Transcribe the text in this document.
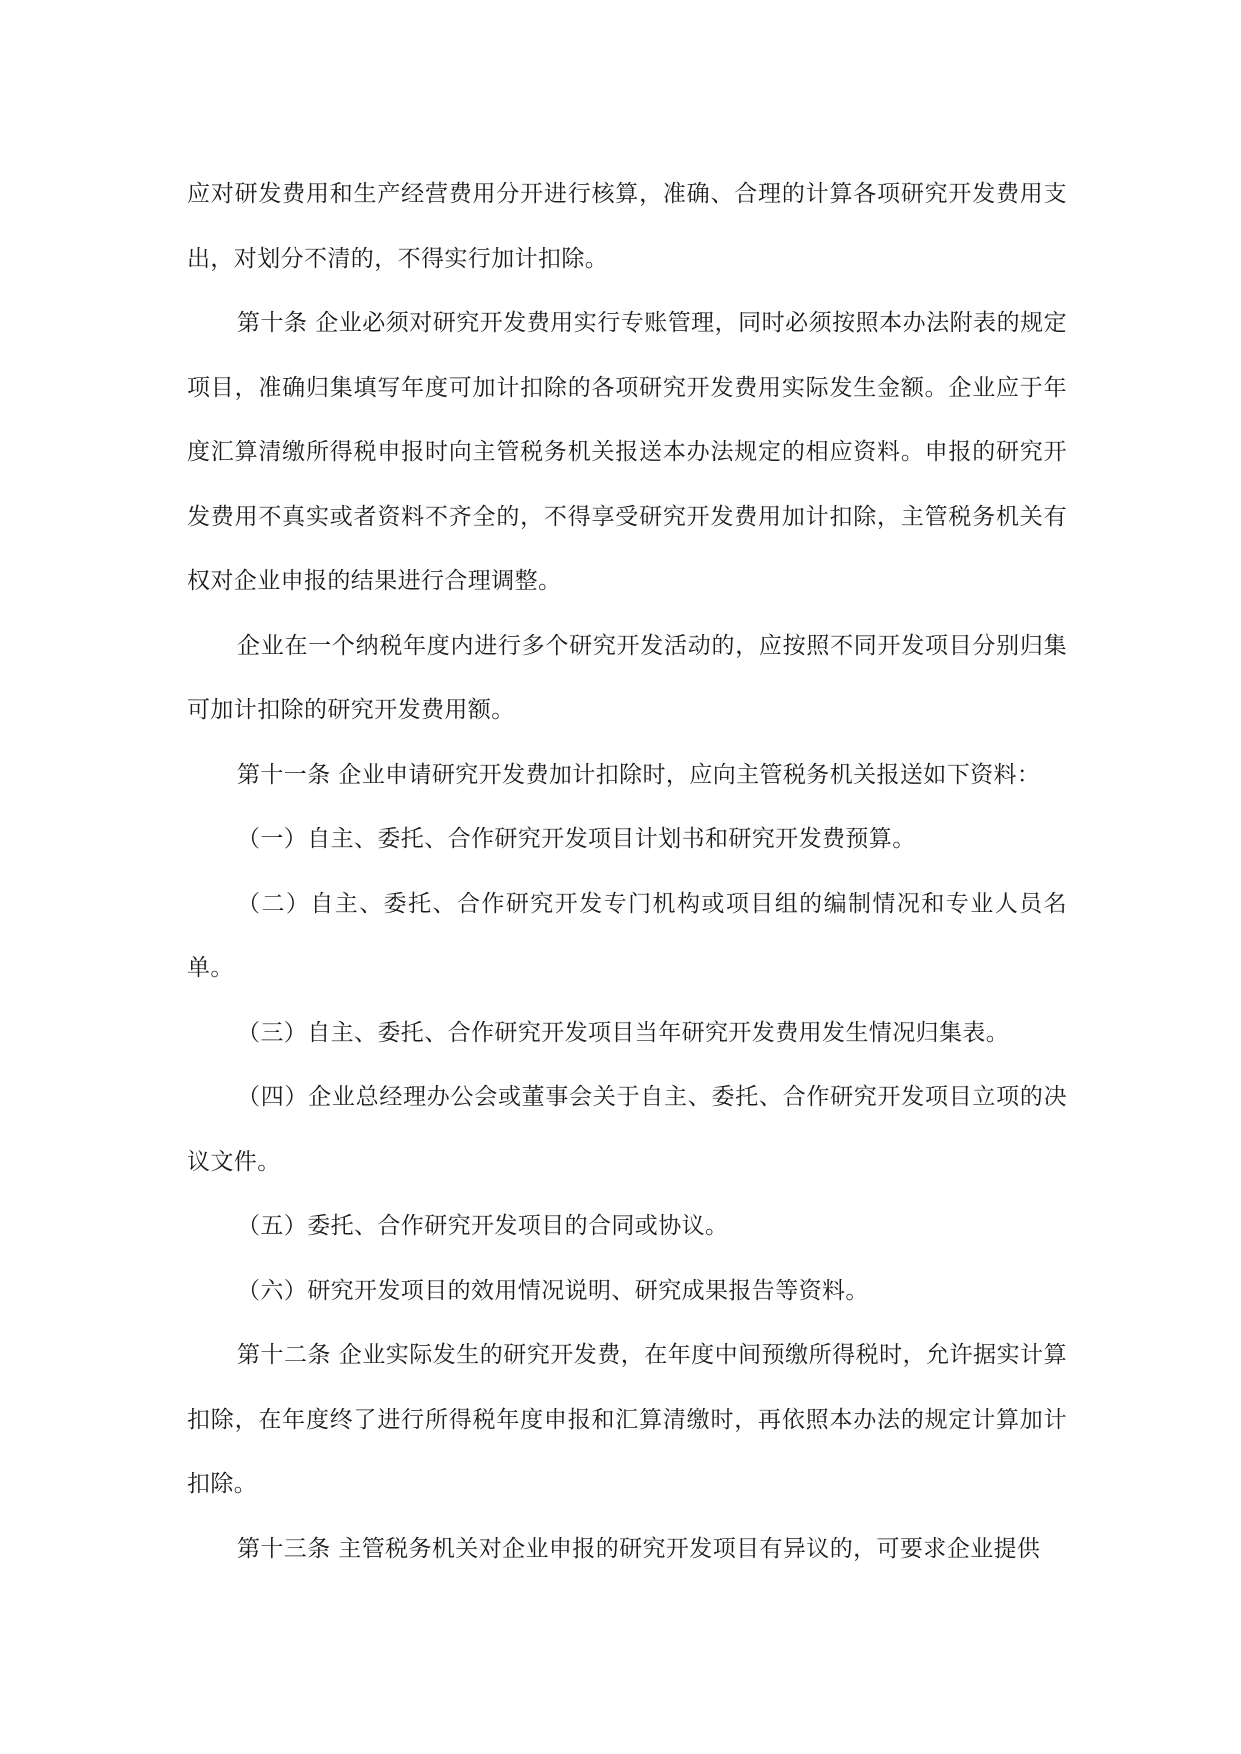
应对研发费用和生产经营费用分开进行核算，准确、合理的计算各项研究开发费用支出，对划分不清的，不得实行加计扣除。

第十条 企业必须对研究开发费用实行专账管理，同时必须按照本办法附表的规定项目，准确归集填写年度可加计扣除的各项研究开发费用实际发生金额。企业应于年度汇算清缴所得税申报时向主管税务机关报送本办法规定的相应资料。申报的研究开发费用不真实或者资料不齐全的，不得享受研究开发费用加计扣除，主管税务机关有权对企业申报的结果进行合理调整。

企业在一个纳税年度内进行多个研究开发活动的，应按照不同开发项目分别归集可加计扣除的研究开发费用额。

第十一条 企业申请研究开发费加计扣除时，应向主管税务机关报送如下资料：

（一）自主、委托、合作研究开发项目计划书和研究开发费预算。

（二）自主、委托、合作研究开发专门机构或项目组的编制情况和专业人员名单。

（三）自主、委托、合作研究开发项目当年研究开发费用发生情况归集表。

（四）企业总经理办公会或董事会关于自主、委托、合作研究开发项目立项的决议文件。

（五）委托、合作研究开发项目的合同或协议。

（六）研究开发项目的效用情况说明、研究成果报告等资料。

第十二条 企业实际发生的研究开发费，在年度中间预缴所得税时，允许据实计算扣除，在年度终了进行所得税年度申报和汇算清缴时，再依照本办法的规定计算加计扣除。

第十三条 主管税务机关对企业申报的研究开发项目有异议的，可要求企业提供
